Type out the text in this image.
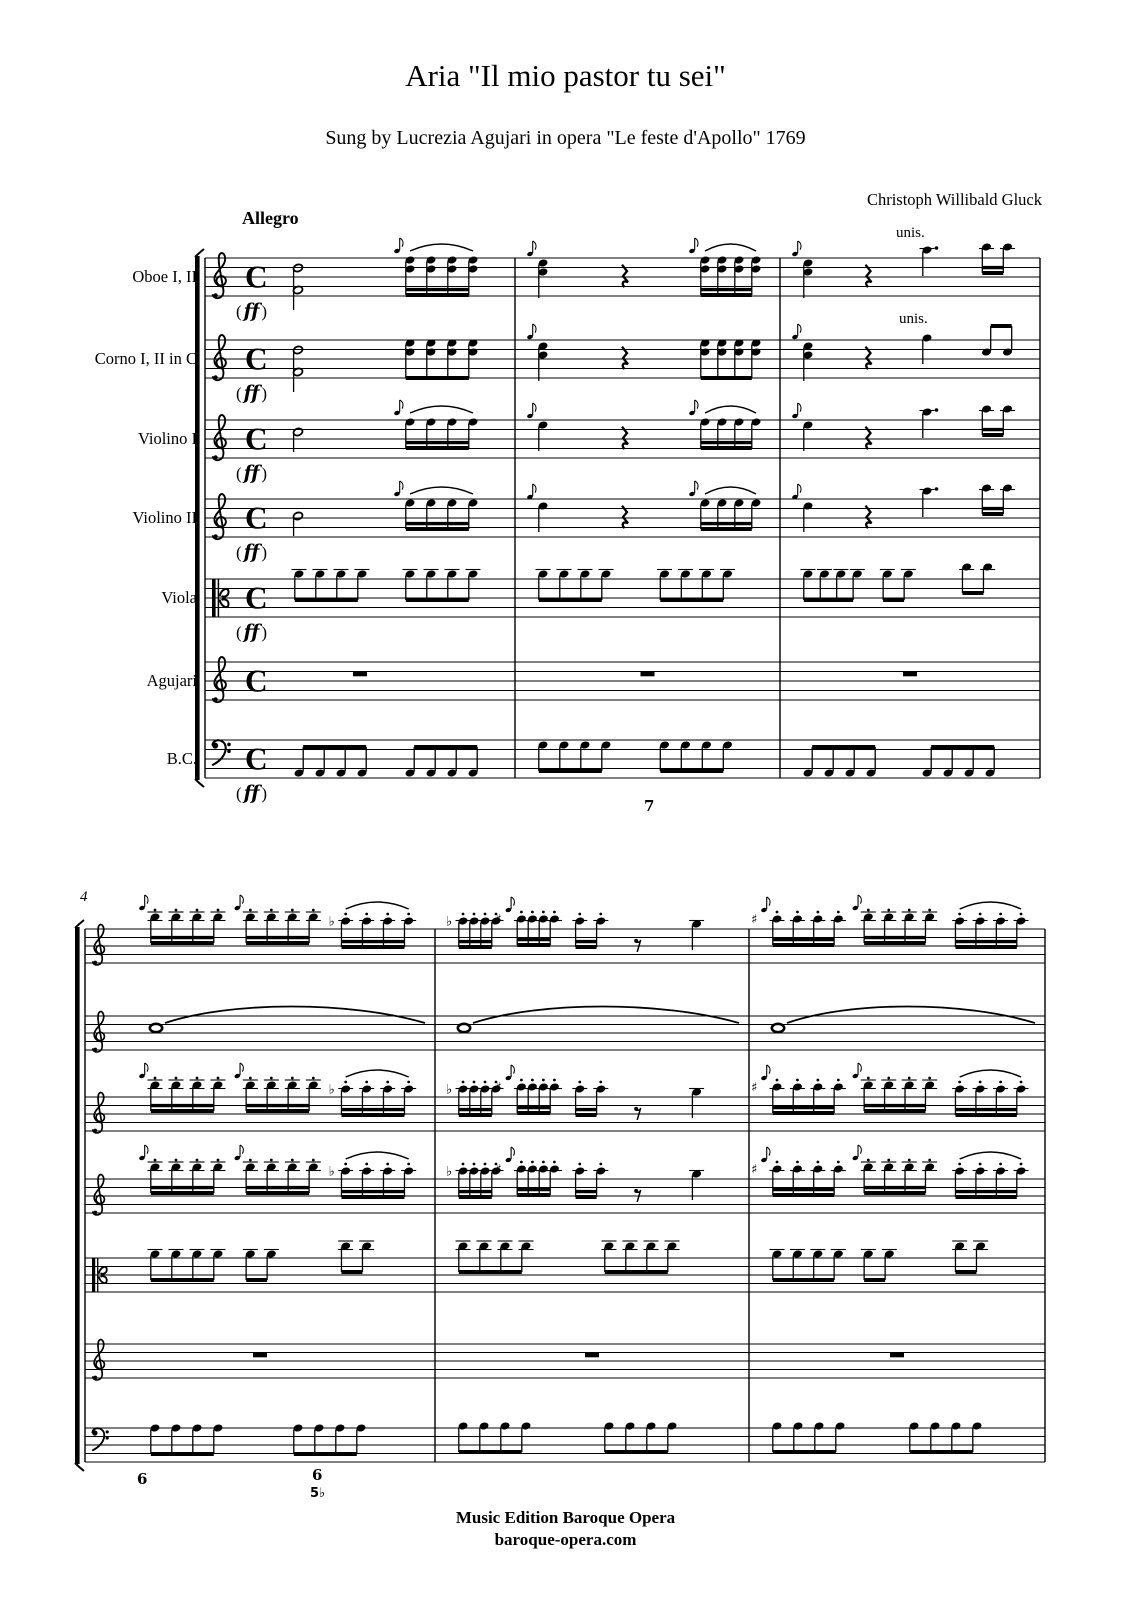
C
C
C
C
C
C
C
♭	♭	♯	♯
♭	♭	♯	♯
♭	♭	♯	♯
Aria "Il mio pastor tu sei"
Sung by Lucrezia Agujari in opera "Le feste d'Apollo" 1769
Christoph Willibald Gluck
Allegro
Oboe I, II
Corno I, II in C
Violino I
Violino II
Viola
Agujari
B.C.
( ff )
( ff )
( ff )
( ff )
( ff )
( ff )
unis.
unis.
4
7
6	6
5♭
Music Edition Baroque Opera
baroque-opera.com
